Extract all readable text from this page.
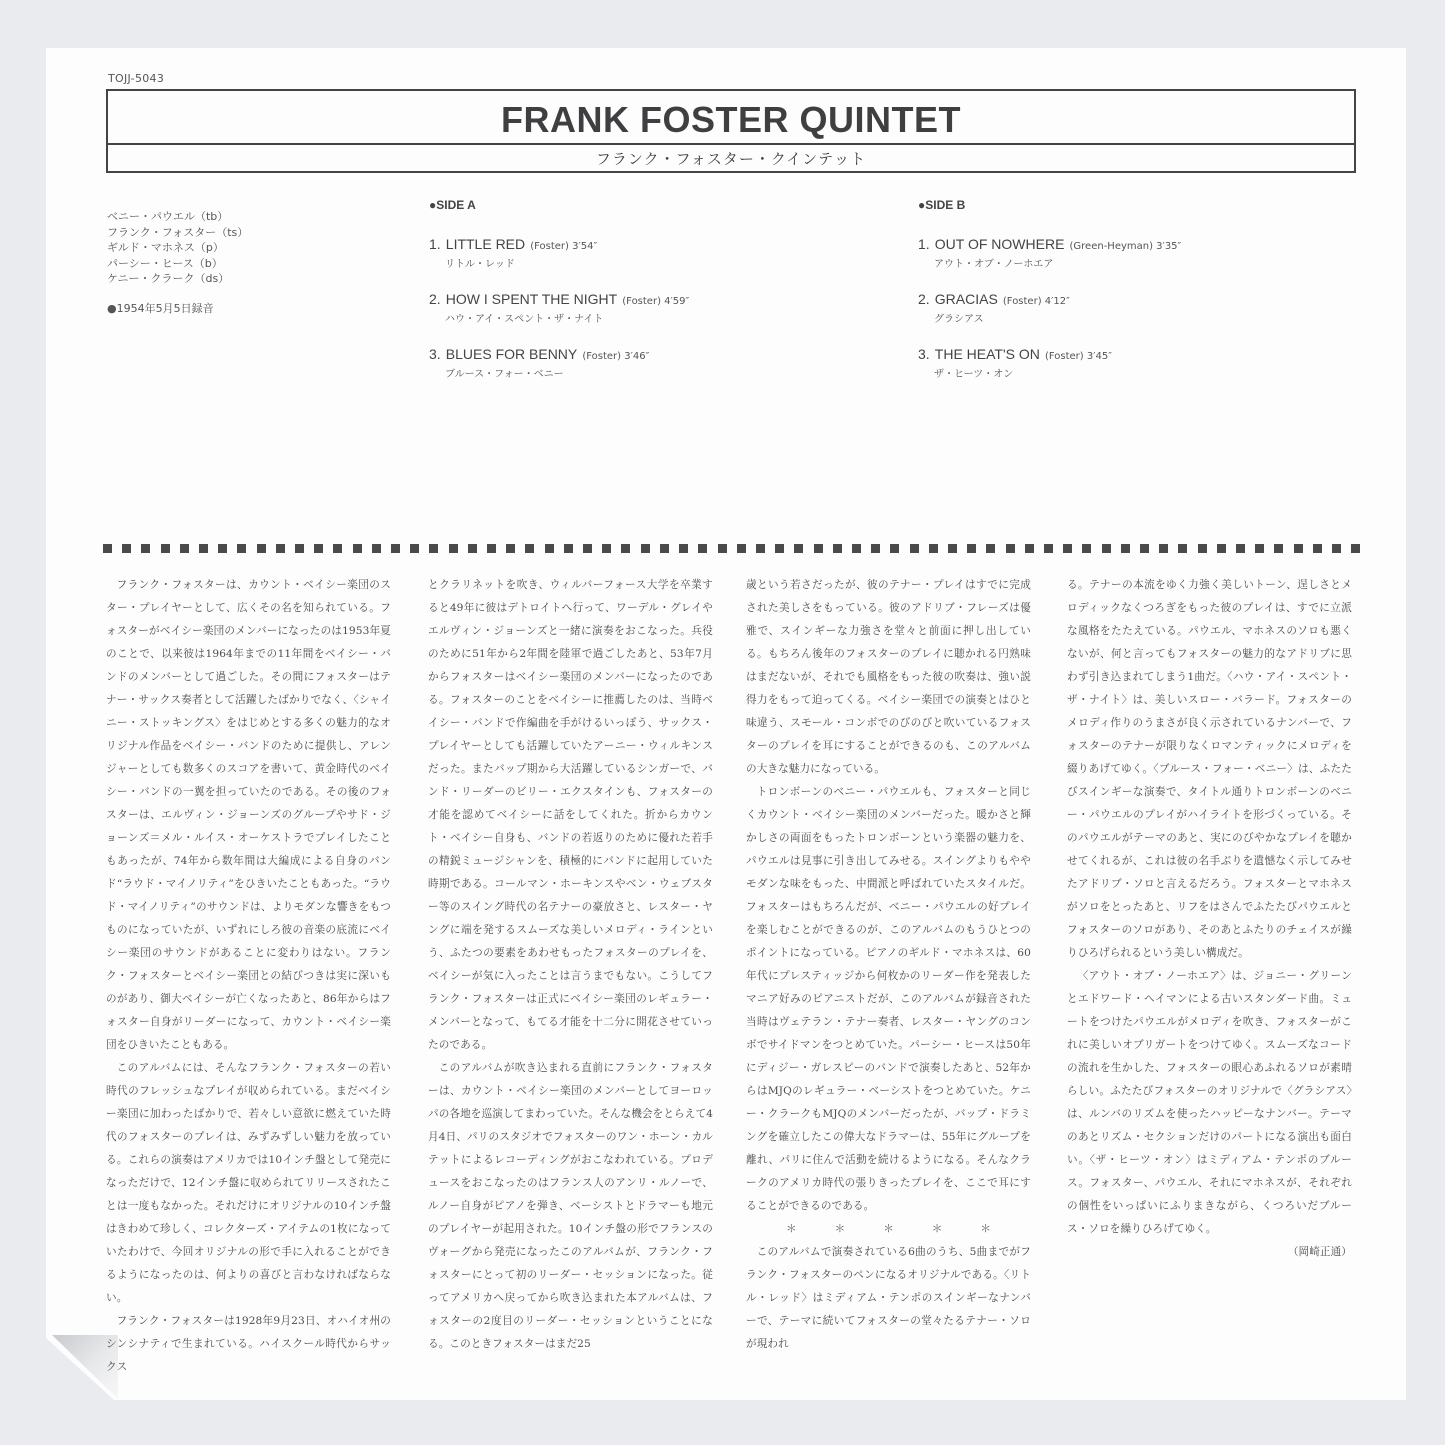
TOJJ-5043
FRANK FOSTER QUINTET
フランク・フォスター・クインテット
ベニー・パウエル（tb）
フランク・フォスター（ts）
ギルド・マホネス（p）
パーシー・ヒース（b）
ケニー・クラーク（ds）
●1954年5月5日録音
●SIDE A
1. LITTLE RED (Foster) 3′54″
リトル・レッド
2. HOW I SPENT THE NIGHT (Foster) 4′59″
ハウ・アイ・スペント・ザ・ナイト
3. BLUES FOR BENNY (Foster) 3′46″
ブルース・フォー・ベニー
●SIDE B
1. OUT OF NOWHERE (Green-Heyman) 3′35″
アウト・オブ・ノーホエア
2. GRACIAS (Foster) 4′12″
グラシアス
3. THE HEAT'S ON (Foster) 3′45″
ザ・ヒーツ・オン

フランク・フォスターは、カウント・ベイシー楽団のスター・プレイヤーとして、広くその名を知られている。フォスターがベイシー楽団のメンバーになったのは1953年夏のことで、以来彼は1964年までの11年間をベイシー・バンドのメンバーとして過ごした。その間にフォスターはテナー・サックス奏者として活躍したばかりでなく、〈シャイニー・ストッキングス〉をはじめとする多くの魅力的なオリジナル作品をベイシー・バンドのために提供し、アレンジャーとしても数多くのスコアを書いて、黄金時代のベイシー・バンドの一翼を担っていたのである。その後のフォスターは、エルヴィン・ジョーンズのグループやサド・ジョーンズ＝メル・ルイス・オーケストラでプレイしたこともあったが、74年から数年間は大編成による自身のバンド“ラウド・マイノリティ”をひきいたこともあった。“ラウド・マイノリティ”のサウンドは、よりモダンな響きをもつものになっていたが、いずれにしろ彼の音楽の底流にベイシー楽団のサウンドがあることに変わりはない。フランク・フォスターとベイシー楽団との結びつきは実に深いものがあり、御大ベイシーが亡くなったあと、86年からはフォスター自身がリーダーになって、カウント・ベイシー楽団をひきいたこともある。

このアルバムには、そんなフランク・フォスターの若い時代のフレッシュなプレイが収められている。まだベイシー楽団に加わったばかりで、若々しい意欲に燃えていた時代のフォスターのプレイは、みずみずしい魅力を放っている。これらの演奏はアメリカでは10インチ盤として発売になっただけで、12インチ盤に収められてリリースされたことは一度もなかった。それだけにオリジナルの10インチ盤はきわめて珍しく、コレクターズ・アイテムの1枚になっていたわけで、今回オリジナルの形で手に入れることができるようになったのは、何よりの喜びと言わなければならない。

フランク・フォスターは1928年9月23日、オハイオ州のシンシナティで生まれている。ハイスクール時代からサックス

とクラリネットを吹き、ウィルバーフォース大学を卒業すると49年に彼はデトロイトへ行って、ワーデル・グレイやエルヴィン・ジョーンズと一緒に演奏をおこなった。兵役のために51年から2年間を陸軍で過ごしたあと、53年7月からフォスターはベイシー楽団のメンバーになったのである。フォスターのことをベイシーに推薦したのは、当時ベイシー・バンドで作編曲を手がけるいっぽう、サックス・プレイヤーとしても活躍していたアーニー・ウィルキンスだった。またバップ期から大活躍しているシンガーで、バンド・リーダーのビリー・エクスタインも、フォスターの才能を認めてベイシーに話をしてくれた。折からカウント・ベイシー自身も、バンドの若返りのために優れた若手の精鋭ミュージシャンを、積極的にバンドに起用していた時期である。コールマン・ホーキンスやベン・ウェブスター等のスイング時代の名テナーの豪放さと、レスター・ヤングに端を発するスムーズな美しいメロディ・ラインという、ふたつの要素をあわせもったフォスターのプレイを、ベイシーが気に入ったことは言うまでもない。こうしてフランク・フォスターは正式にベイシー楽団のレギュラー・メンバーとなって、もてる才能を十二分に開花させていったのである。

このアルバムが吹き込まれる直前にフランク・フォスターは、カウント・ベイシー楽団のメンバーとしてヨーロッパの各地を巡演してまわっていた。そんな機会をとらえて4月4日、パリのスタジオでフォスターのワン・ホーン・カルテットによるレコーディングがおこなわれている。プロデュースをおこなったのはフランス人のアンリ・ルノーで、ルノー自身がピアノを弾き、ベーシストとドラマーも地元のプレイヤーが起用された。10インチ盤の形でフランスのヴォーグから発売になったこのアルバムが、フランク・フォスターにとって初のリーダー・セッションになった。従ってアメリカへ戻ってから吹き込まれた本アルバムは、フォスターの2度目のリーダー・セッションということになる。このときフォスターはまだ25

歳という若さだったが、彼のテナー・プレイはすでに完成された美しさをもっている。彼のアドリブ・フレーズは優雅で、スインギーな力強さを堂々と前面に押し出している。もちろん後年のフォスターのプレイに聴かれる円熟味はまだないが、それでも風格をもった彼の吹奏は、強い説得力をもって迫ってくる。ベイシー楽団での演奏とはひと味違う、スモール・コンボでのびのびと吹いているフォスターのプレイを耳にすることができるのも、このアルバムの大きな魅力になっている。

トロンボーンのベニー・パウエルも、フォスターと同じくカウント・ベイシー楽団のメンバーだった。暖かさと輝かしさの両面をもったトロンボーンという楽器の魅力を、パウエルは見事に引き出してみせる。スイングよりもややモダンな味をもった、中間派と呼ばれていたスタイルだ。フォスターはもちろんだが、ベニー・パウエルの好プレイを楽しむことができるのが、このアルバムのもうひとつのポイントになっている。ピアノのギルド・マホネスは、60年代にプレスティッジから何枚かのリーダー作を発表したマニア好みのピアニストだが、このアルバムが録音された当時はヴェテラン・テナー奏者、レスター・ヤングのコンボでサイドマンをつとめていた。パーシー・ヒースは50年にディジー・ガレスピーのバンドで演奏したあと、52年からはMJQのレギュラー・ベーシストをつとめていた。ケニー・クラークもMJQのメンバーだったが、バップ・ドラミングを確立したこの偉大なドラマーは、55年にグループを離れ、パリに住んで活動を続けるようになる。そんなクラークのアメリカ時代の張りきったプレイを、ここで耳にすることができるのである。

＊＊＊＊＊

このアルバムで演奏されている6曲のうち、5曲までがフランク・フォスターのペンになるオリジナルである。〈リトル・レッド〉はミディアム・テンポのスインギーなナンバーで、テーマに続いてフォスターの堂々たるテナー・ソロが現われ

る。テナーの本流をゆく力強く美しいトーン、逞しさとメロディックなくつろぎをもった彼のプレイは、すでに立派な風格をたたえている。パウエル、マホネスのソロも悪くないが、何と言ってもフォスターの魅力的なアドリブに思わず引き込まれてしまう1曲だ。〈ハウ・アイ・スペント・ザ・ナイト〉は、美しいスロー・バラード。フォスターのメロディ作りのうまさが良く示されているナンバーで、フォスターのテナーが限りなくロマンティックにメロディを綴りあげてゆく。〈ブルース・フォー・ベニー〉は、ふたたびスインギーな演奏で、タイトル通りトロンボーンのベニー・パウエルのプレイがハイライトを形づくっている。そのパウエルがテーマのあと、実にのびやかなプレイを聴かせてくれるが、これは彼の名手ぶりを遺憾なく示してみせたアドリブ・ソロと言えるだろう。フォスターとマホネスがソロをとったあと、リフをはさんでふたたびパウエルとフォスターのソロがあり、そのあとふたりのチェイスが繰りひろげられるという美しい構成だ。

〈アウト・オブ・ノーホエア〉は、ジョニー・グリーンとエドワード・ヘイマンによる古いスタンダード曲。ミュートをつけたパウエルがメロディを吹き、フォスターがこれに美しいオブリガートをつけてゆく。スムーズなコードの流れを生かした、フォスターの眼心あふれるソロが素晴らしい。ふたたびフォスターのオリジナルで〈グラシアス〉は、ルンバのリズムを使ったハッピーなナンバー。テーマのあとリズム・セクションだけのパートになる演出も面白い。〈ザ・ヒーツ・オン〉はミディアム・テンポのブルース。フォスター、パウエル、それにマホネスが、それぞれの個性をいっぱいにふりまきながら、くつろいだブルース・ソロを繰りひろげてゆく。

（岡崎正通）
